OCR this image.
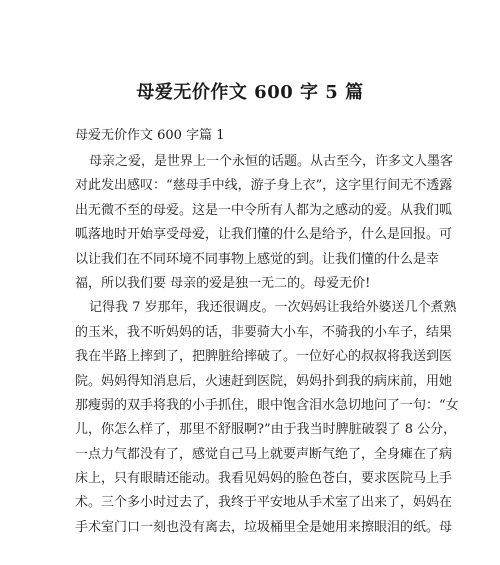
母爱无价作文 600 字 5 篇
母爱无价作文 600 字篇 1
母亲之爱，是世界上一个永恒的话题。从古至今，许多文人墨客
对此发出感叹：“慈母手中线，游子身上衣”，这字里行间无不透露
出无微不至的母爱。这是一中令所有人都为之感动的爱。从我们呱
呱落地时开始享受母爱，让我们懂的什么是给予，什么是回报。可
以让我们在不同环境不同事物上感觉的到。让我们懂的什么是幸
福，所以我们要 母亲的爱是独一无二的。母爱无价!
记得我 7 岁那年，我还很调皮。一次妈妈让我给外婆送几个煮熟
的玉米，我不听妈妈的话，非要骑大小车，不骑我的小车子，结果
我在半路上摔到了，把脾脏给摔破了。一位好心的叔叔将我送到医
院。妈妈得知消息后，火速赶到医院，妈妈扑到我的病床前，用她
那瘦弱的双手将我的小手抓住，眼中饱含泪水急切地问了一句：“女
儿，你怎么样了，那里不舒服啊?”由于我当时脾脏破裂了 8 公分，
一点力气都没有了，感觉自己马上就要声断气绝了，全身瘫在了病
床上，只有眼睛还能动。我看见妈妈的脸色苍白，要求医院马上手
术。三个多小时过去了，我终于平安地从手术室了出来了，妈妈在
手术室门口一刻也没有离去，垃圾桶里全是她用来擦眼泪的纸。母
